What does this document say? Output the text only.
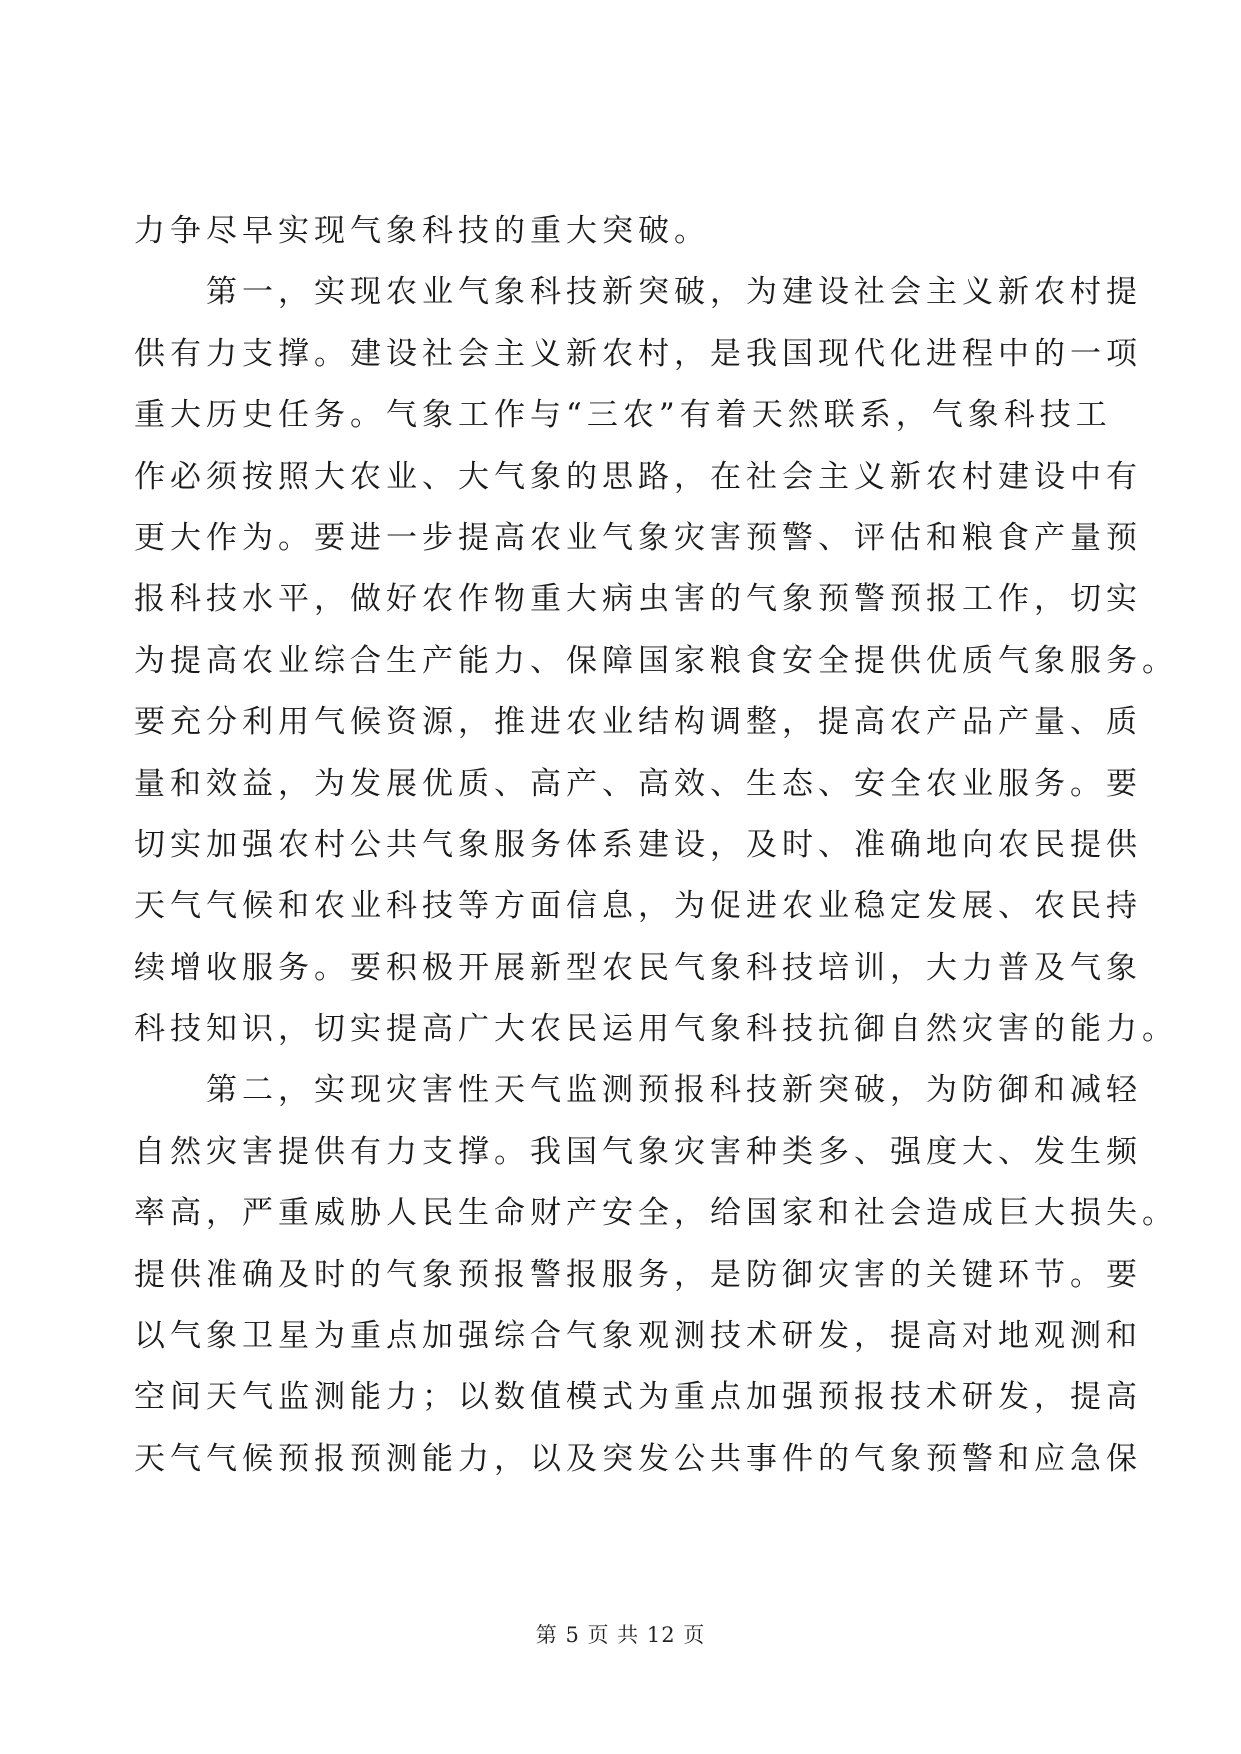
力争尽早实现气象科技的重大突破。
第一，实现农业气象科技新突破，为建设社会主义新农村提
供有力支撑。建设社会主义新农村，是我国现代化进程中的一项
重大历史任务。气象工作与“三农”有着天然联系，气象科技工
作必须按照大农业、大气象的思路，在社会主义新农村建设中有
更大作为。要进一步提高农业气象灾害预警、评估和粮食产量预
报科技水平，做好农作物重大病虫害的气象预警预报工作，切实
为提高农业综合生产能力、保障国家粮食安全提供优质气象服务。
要充分利用气候资源，推进农业结构调整，提高农产品产量、质
量和效益，为发展优质、高产、高效、生态、安全农业服务。要
切实加强农村公共气象服务体系建设，及时、准确地向农民提供
天气气候和农业科技等方面信息，为促进农业稳定发展、农民持
续增收服务。要积极开展新型农民气象科技培训，大力普及气象
科技知识，切实提高广大农民运用气象科技抗御自然灾害的能力。
第二，实现灾害性天气监测预报科技新突破，为防御和减轻
自然灾害提供有力支撑。我国气象灾害种类多、强度大、发生频
率高，严重威胁人民生命财产安全，给国家和社会造成巨大损失。
提供准确及时的气象预报警报服务，是防御灾害的关键环节。要
以气象卫星为重点加强综合气象观测技术研发，提高对地观测和
空间天气监测能力；以数值模式为重点加强预报技术研发，提高
天气气候预报预测能力，以及突发公共事件的气象预警和应急保
第 5 页 共 12 页
